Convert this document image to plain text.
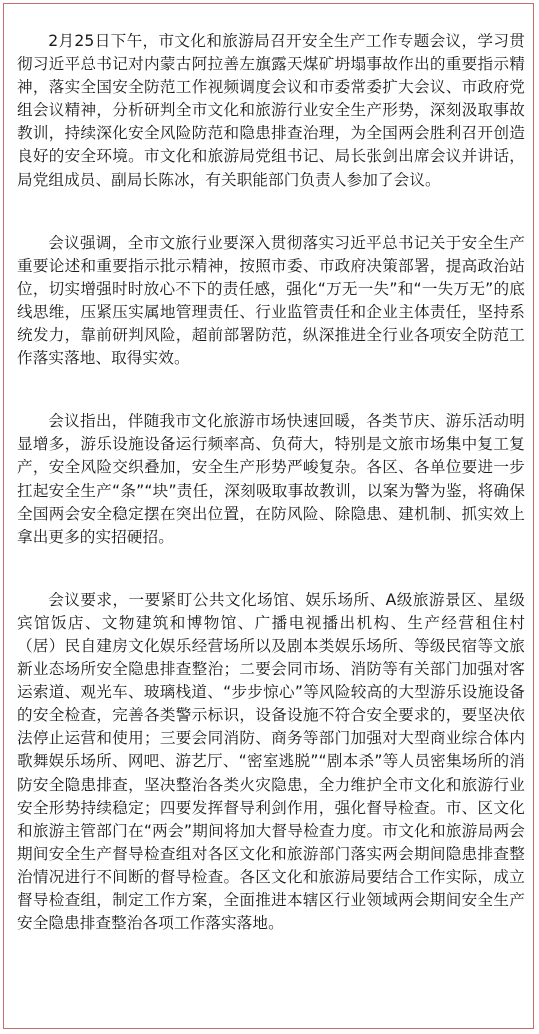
2月25日下午，市文化和旅游局召开安全生产工作专题会议，学习贯彻习近平总书记对内蒙古阿拉善左旗露天煤矿坍塌事故作出的重要指示精神，落实全国安全防范工作视频调度会议和市委常委扩大会议、市政府党组会议精神，分析研判全市文化和旅游行业安全生产形势，深刻汲取事故教训，持续深化安全风险防范和隐患排查治理，为全国两会胜利召开创造良好的安全环境。市文化和旅游局党组书记、局长张剑出席会议并讲话，局党组成员、副局长陈冰，有关职能部门负责人参加了会议。

会议强调，全市文旅行业要深入贯彻落实习近平总书记关于安全生产重要论述和重要指示批示精神，按照市委、市政府决策部署，提高政治站位，切实增强时时放心不下的责任感，强化“万无一失”和“一失万无”的底线思维，压紧压实属地管理责任、行业监管责任和企业主体责任，坚持系统发力，靠前研判风险，超前部署防范，纵深推进全行业各项安全防范工作落实落地、取得实效。

会议指出，伴随我市文化旅游市场快速回暖，各类节庆、游乐活动明显增多，游乐设施设备运行频率高、负荷大，特别是文旅市场集中复工复产，安全风险交织叠加，安全生产形势严峻复杂。各区、各单位要进一步扛起安全生产“条”“块”责任，深刻吸取事故教训，以案为警为鉴，将确保全国两会安全稳定摆在突出位置，在防风险、除隐患、建机制、抓实效上拿出更多的实招硬招。

会议要求，一要紧盯公共文化场馆、娱乐场所、A级旅游景区、星级宾馆饭店、文物建筑和博物馆、广播电视播出机构、生产经营租住村（居）民自建房文化娱乐经营场所以及剧本类娱乐场所、等级民宿等文旅新业态场所安全隐患排查整治；二要会同市场、消防等有关部门加强对客运索道、观光车、玻璃栈道、“步步惊心”等风险较高的大型游乐设施设备的安全检查，完善各类警示标识，设备设施不符合安全要求的，要坚决依法停止运营和使用；三要会同消防、商务等部门加强对大型商业综合体内歌舞娱乐场所、网吧、游艺厅、“密室逃脱”“剧本杀”等人员密集场所的消防安全隐患排查，坚决整治各类火灾隐患，全力维护全市文化和旅游行业安全形势持续稳定；四要发挥督导利剑作用，强化督导检查。市、区文化和旅游主管部门在“两会”期间将加大督导检查力度。市文化和旅游局两会期间安全生产督导检查组对各区文化和旅游部门落实两会期间隐患排查整治情况进行不间断的督导检查。各区文化和旅游局要结合工作实际，成立督导检查组，制定工作方案，全面推进本辖区行业领域两会期间安全生产安全隐患排查整治各项工作落实落地。
